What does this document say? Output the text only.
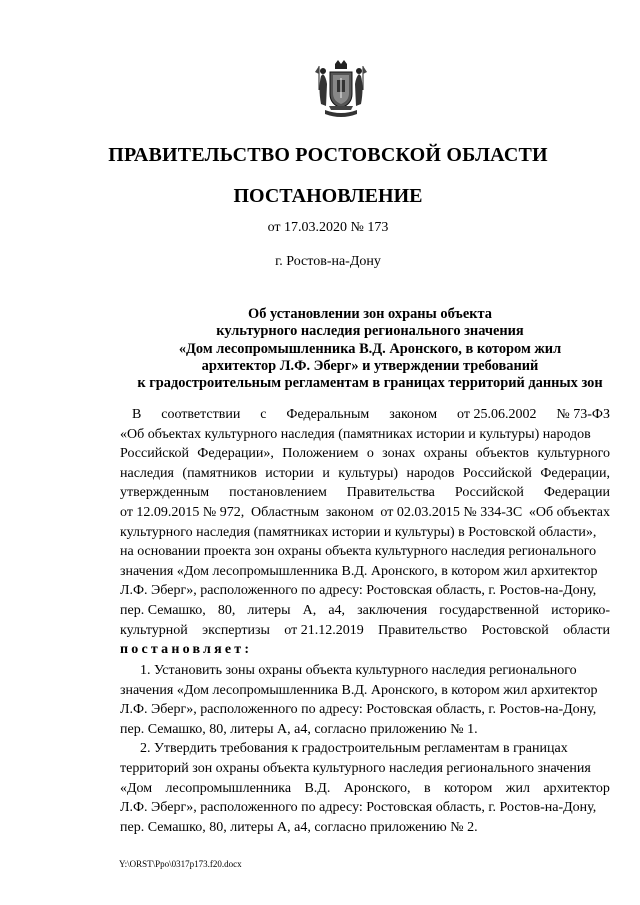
ПРАВИТЕЛЬСТВО РОСТОВСКОЙ ОБЛАСТИ
ПОСТАНОВЛЕНИЕ
от 17.03.2020 № 173
г. Ростов-на-Дону
Об установлении зон охраны объекта
культурного наследия регионального значения
«Дом лесопромышленника В.Д. Аронского, в котором жил
архитектор Л.Ф. Эберг» и утверждении требований
к градостроительным регламентам в границах территорий данных зон
В соответствии с Федеральным законом от 25.06.2002 № 73-ФЗ
«Об объектах культурного наследия (памятниках истории и культуры) народов
Российской Федерации», Положением о зонах охраны объектов культурного
наследия (памятников истории и культуры) народов Российской Федерации,
утвержденным постановлением Правительства Российской Федерации
от 12.09.2015 № 972, Областным законом от 02.03.2015 № 334-ЗС «Об объектах
культурного наследия (памятниках истории и культуры) в Ростовской области»,
на основании проекта зон охраны объекта культурного наследия регионального
значения «Дом лесопромышленника В.Д. Аронского, в котором жил архитектор
Л.Ф. Эберг», расположенного по адресу: Ростовская область, г. Ростов-на-Дону,
пер. Семашко, 80, литеры А, а4, заключения государственной историко-
культурной экспертизы от 21.12.2019 Правительство Ростовской области
постановляет:
1. Установить зоны охраны объекта культурного наследия регионального
значения «Дом лесопромышленника В.Д. Аронского, в котором жил архитектор
Л.Ф. Эберг», расположенного по адресу: Ростовская область, г. Ростов-на-Дону,
пер. Семашко, 80, литеры А, а4, согласно приложению № 1.
2. Утвердить требования к градостроительным регламентам в границах
территорий зон охраны объекта культурного наследия регионального значения
«Дом лесопромышленника В.Д. Аронского, в котором жил архитектор
Л.Ф. Эберг», расположенного по адресу: Ростовская область, г. Ростов-на-Дону,
пер. Семашко, 80, литеры А, а4, согласно приложению № 2.
Y:\ORST\Ppo\0317p173.f20.docx
